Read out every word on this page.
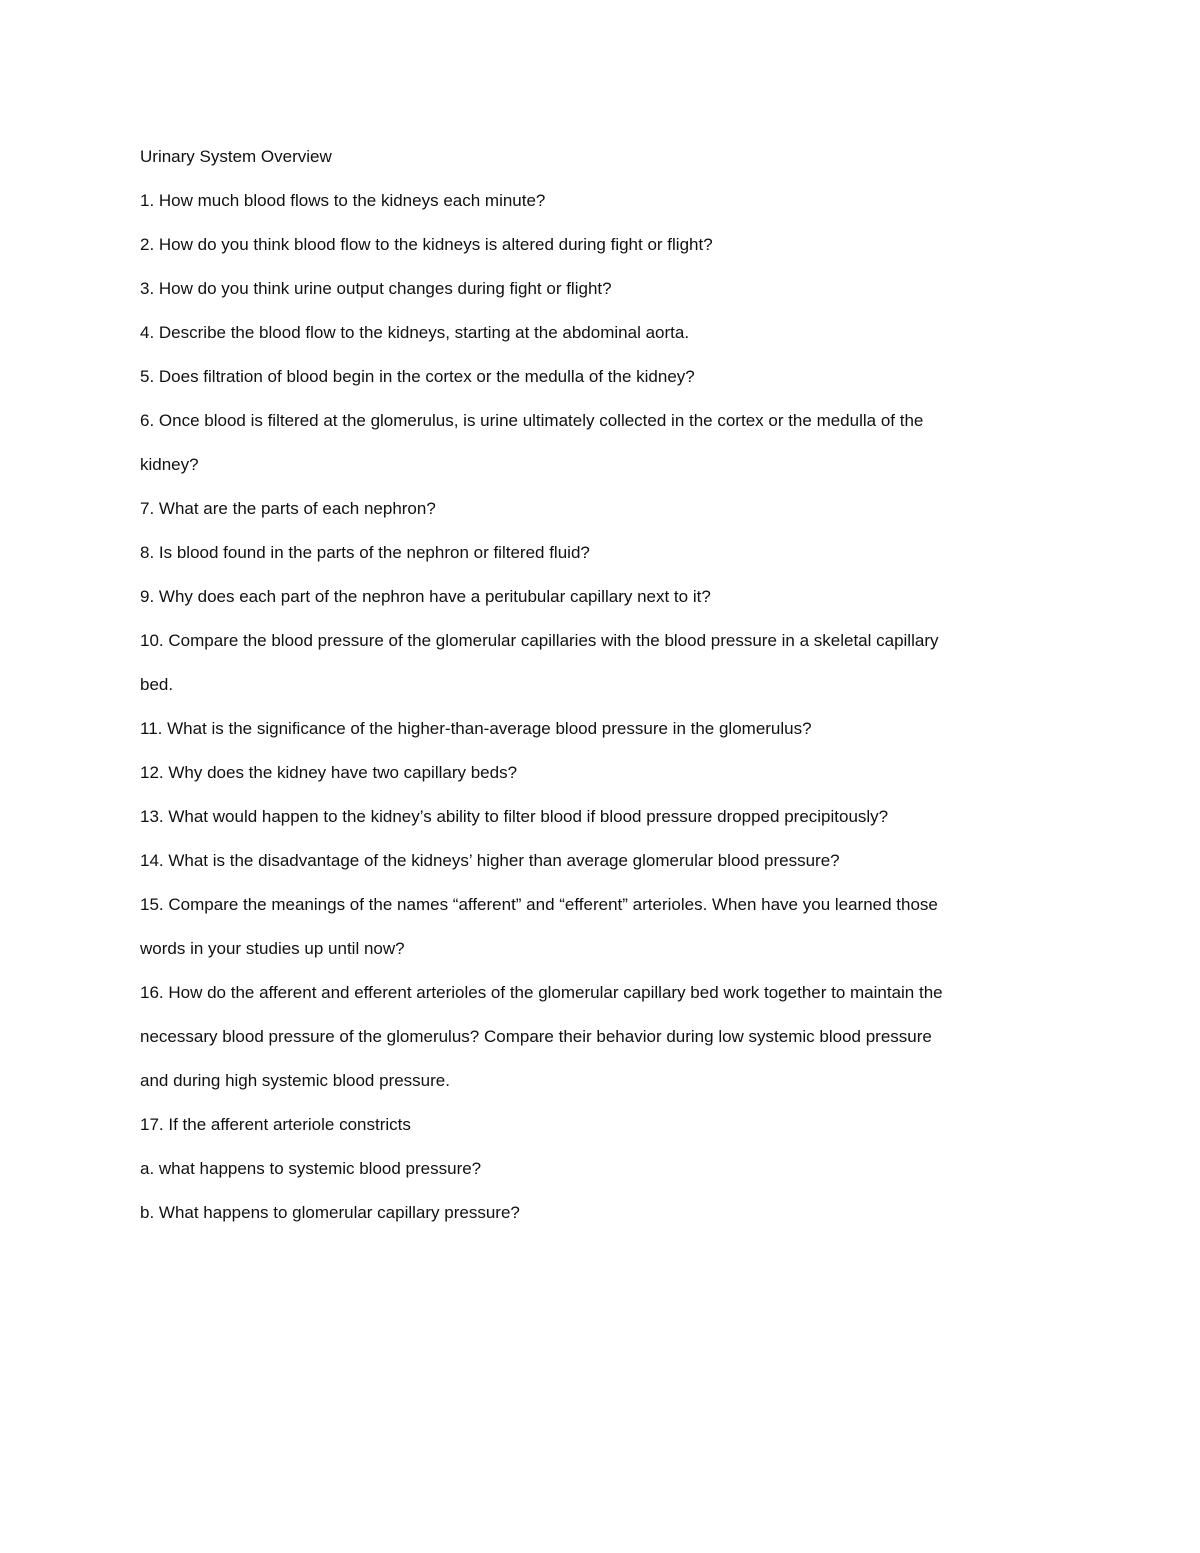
Urinary System Overview
1. How much blood flows to the kidneys each minute?
2. How do you think blood flow to the kidneys is altered during fight or flight?
3. How do you think urine output changes during fight or flight?
4. Describe the blood flow to the kidneys, starting at the abdominal aorta.
5. Does filtration of blood begin in the cortex or the medulla of the kidney?
6. Once blood is filtered at the glomerulus, is urine ultimately collected in the cortex or the medulla of the
kidney?
7. What are the parts of each nephron?
8. Is blood found in the parts of the nephron or filtered fluid?
9. Why does each part of the nephron have a peritubular capillary next to it?
10. Compare the blood pressure of the glomerular capillaries with the blood pressure in a skeletal capillary
bed.
11. What is the significance of the higher-than-average blood pressure in the glomerulus?
12. Why does the kidney have two capillary beds?
13. What would happen to the kidney’s ability to filter blood if blood pressure dropped precipitously?
14. What is the disadvantage of the kidneys’ higher than average glomerular blood pressure?
15. Compare the meanings of the names “afferent” and “efferent” arterioles. When have you learned those
words in your studies up until now?
16. How do the afferent and efferent arterioles of the glomerular capillary bed work together to maintain the
necessary blood pressure of the glomerulus? Compare their behavior during low systemic blood pressure
and during high systemic blood pressure.
17. If the afferent arteriole constricts
a. what happens to systemic blood pressure?
b. What happens to glomerular capillary pressure?
